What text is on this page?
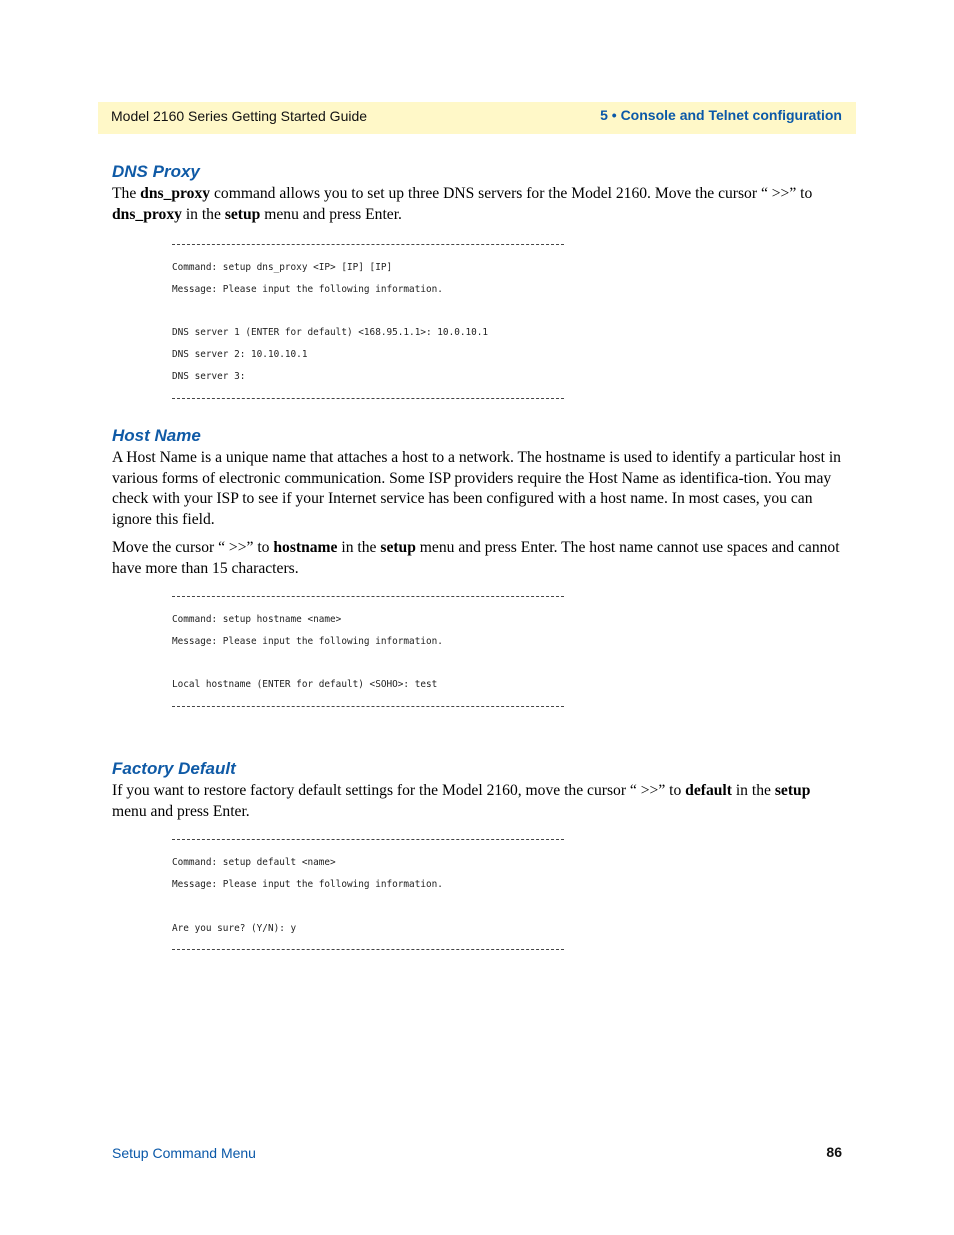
Model 2160 Series Getting Started Guide	5 • Console and Telnet configuration
DNS Proxy

The dns_proxy command allows you to set up three DNS servers for the Model 2160. Move the cursor “ >>” to dns_proxy in the setup menu and press Enter.

Command: setup dns_proxy <IP> [IP] [IP]

Message: Please input the following information.

DNS server 1 (ENTER for default) <168.95.1.1>: 10.0.10.1

DNS server 2: 10.10.10.1

DNS server 3:

Host Name

A Host Name is a unique name that attaches a host to a network. The hostname is used to identify a particular host in various forms of electronic communication. Some ISP providers require the Host Name as identifica-tion. You may check with your ISP to see if your Internet service has been configured with a host name. In most cases, you can ignore this field.

Move the cursor “ >>” to hostname in the setup menu and press Enter. The host name cannot use spaces and cannot have more than 15 characters.

Command: setup hostname <name>

Message: Please input the following information.

Local hostname (ENTER for default) <SOHO>: test

Factory Default

If you want to restore factory default settings for the Model 2160, move the cursor “ >>” to default in the setup menu and press Enter.

Command: setup default <name>

Message: Please input the following information.

Are you sure? (Y/N): y

Setup Command Menu	86
